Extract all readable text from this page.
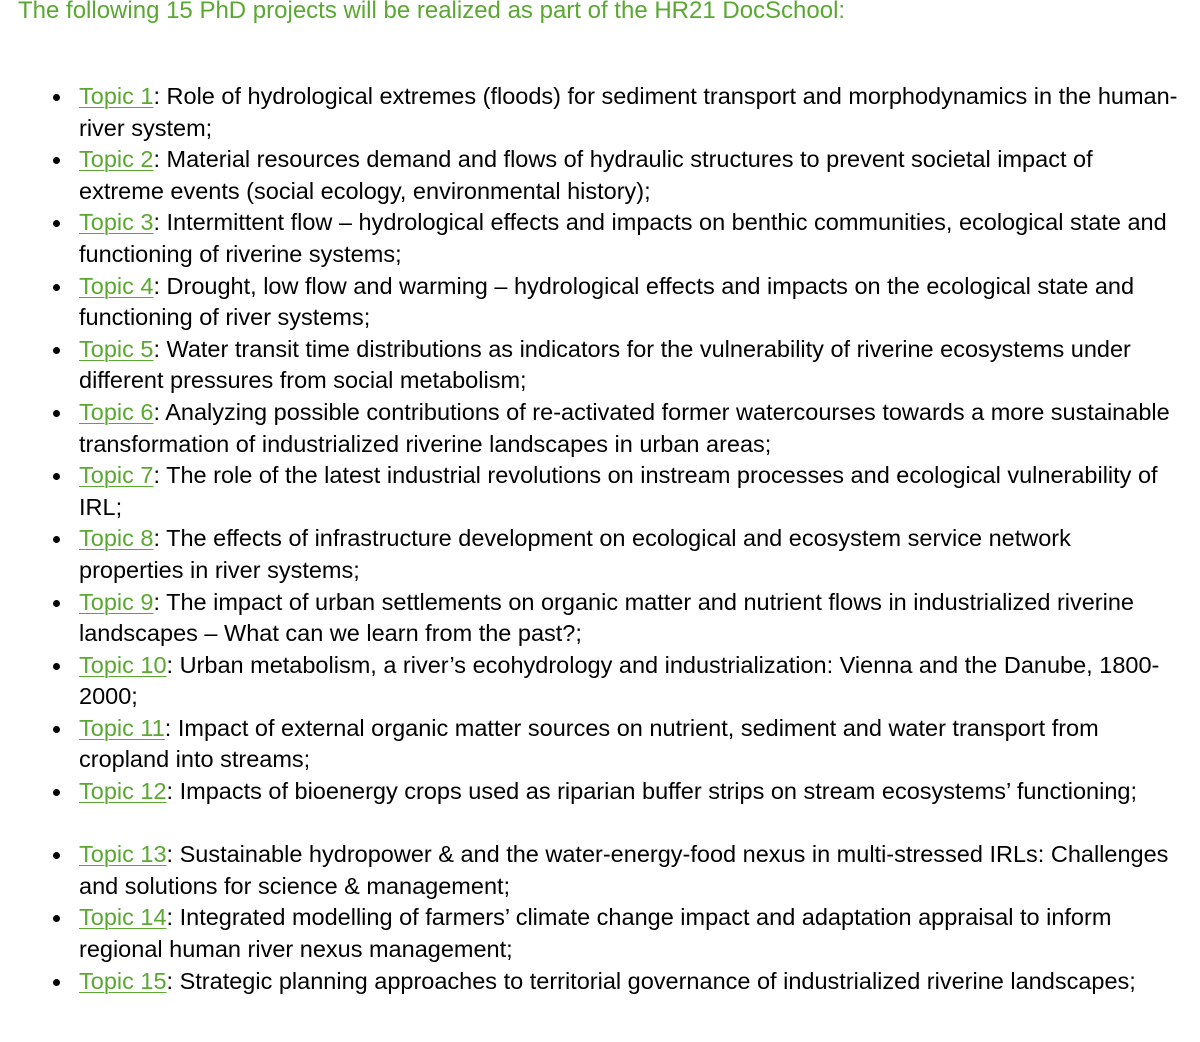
The following 15 PhD projects will be realized as part of the HR21 DocSchool:

Topic 1: Role of hydrological extremes (floods) for sediment transport and morphodynamics in the human-river system;
Topic 2: Material resources demand and flows of hydraulic structures to prevent societal impact of extreme events (social ecology, environmental history);
Topic 3: Intermittent flow – hydrological effects and impacts on benthic communities, ecological state and functioning of riverine systems;
Topic 4: Drought, low flow and warming – hydrological effects and impacts on the ecological state and functioning of river systems;
Topic 5: Water transit time distributions as indicators for the vulnerability of riverine ecosystems under different pressures from social metabolism;
Topic 6: Analyzing possible contributions of re-activated former watercourses towards a more sustainable transformation of industrialized riverine landscapes in urban areas;
Topic 7: The role of the latest industrial revolutions on instream processes and ecological vulnerability of IRL;
Topic 8: The effects of infrastructure development on ecological and ecosystem service network properties in river systems;
Topic 9: The impact of urban settlements on organic matter and nutrient flows in industrialized riverine landscapes – What can we learn from the past?;
Topic 10: Urban metabolism, a river’s ecohydrology and industrialization: Vienna and the Danube, 1800-2000;
Topic 11: Impact of external organic matter sources on nutrient, sediment and water transport from cropland into streams;
Topic 12: Impacts of bioenergy crops used as riparian buffer strips on stream ecosystems’ functioning;
Topic 13: Sustainable hydropower & and the water-energy-food nexus in multi-stressed IRLs: Challenges and solutions for science & management;
Topic 14: Integrated modelling of farmers’ climate change impact and adaptation appraisal to inform regional human river nexus management;
Topic 15: Strategic planning approaches to territorial governance of industrialized riverine landscapes;
